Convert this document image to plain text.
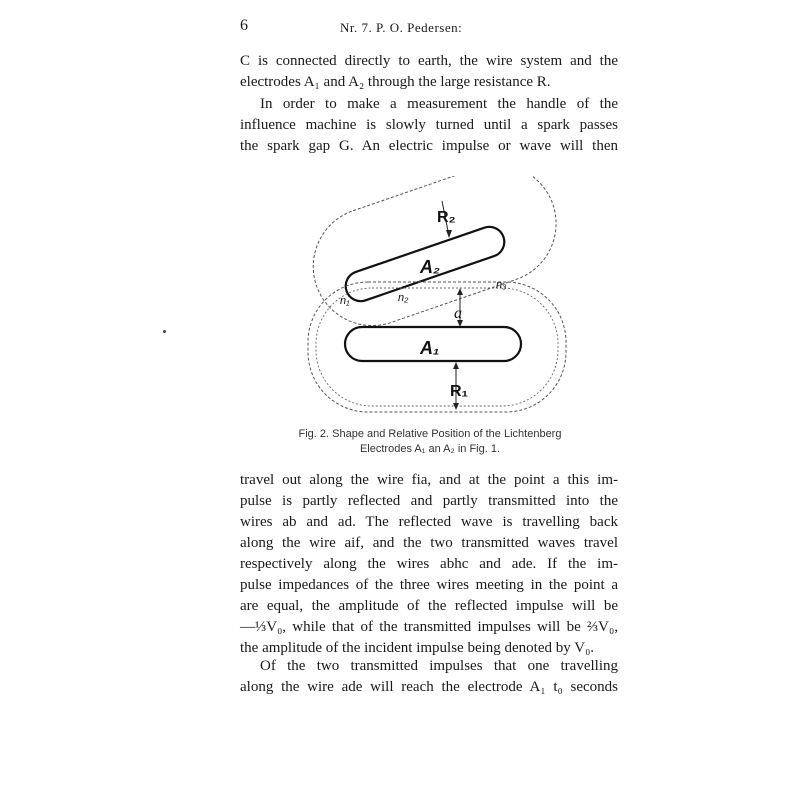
6	Nr. 7. P. O. Pedersen:
C is connected directly to earth, the wire system and the
electrodes A₁ and A₂ through the large resistance R.
In order to make a measurement the handle of the
influence machine is slowly turned until a spark passes
the spark gap G. An electric impulse or wave will then
R₂
A₂
n₁	n₂
n₃
a
A₁
R₁
Fig. 2. Shape and Relative Position of the Lichtenberg
Electrodes A₁ an A₂ in Fig. 1.
travel out along the wire fia, and at the point a this im-
pulse is partly reflected and partly transmitted into the
wires ab and ad. The reflected wave is travelling back
along the wire aif, and the two transmitted waves travel
respectively along the wires abhc and ade. If the im-
pulse impedances of the three wires meeting in the point a
are equal, the amplitude of the reflected impulse will be
—⅓V₀, while that of the transmitted impulses will be ⅔V₀,
the amplitude of the incident impulse being denoted by V₀.
Of the two transmitted impulses that one travelling
along the wire ade will reach the electrode A₁ t₀ seconds
